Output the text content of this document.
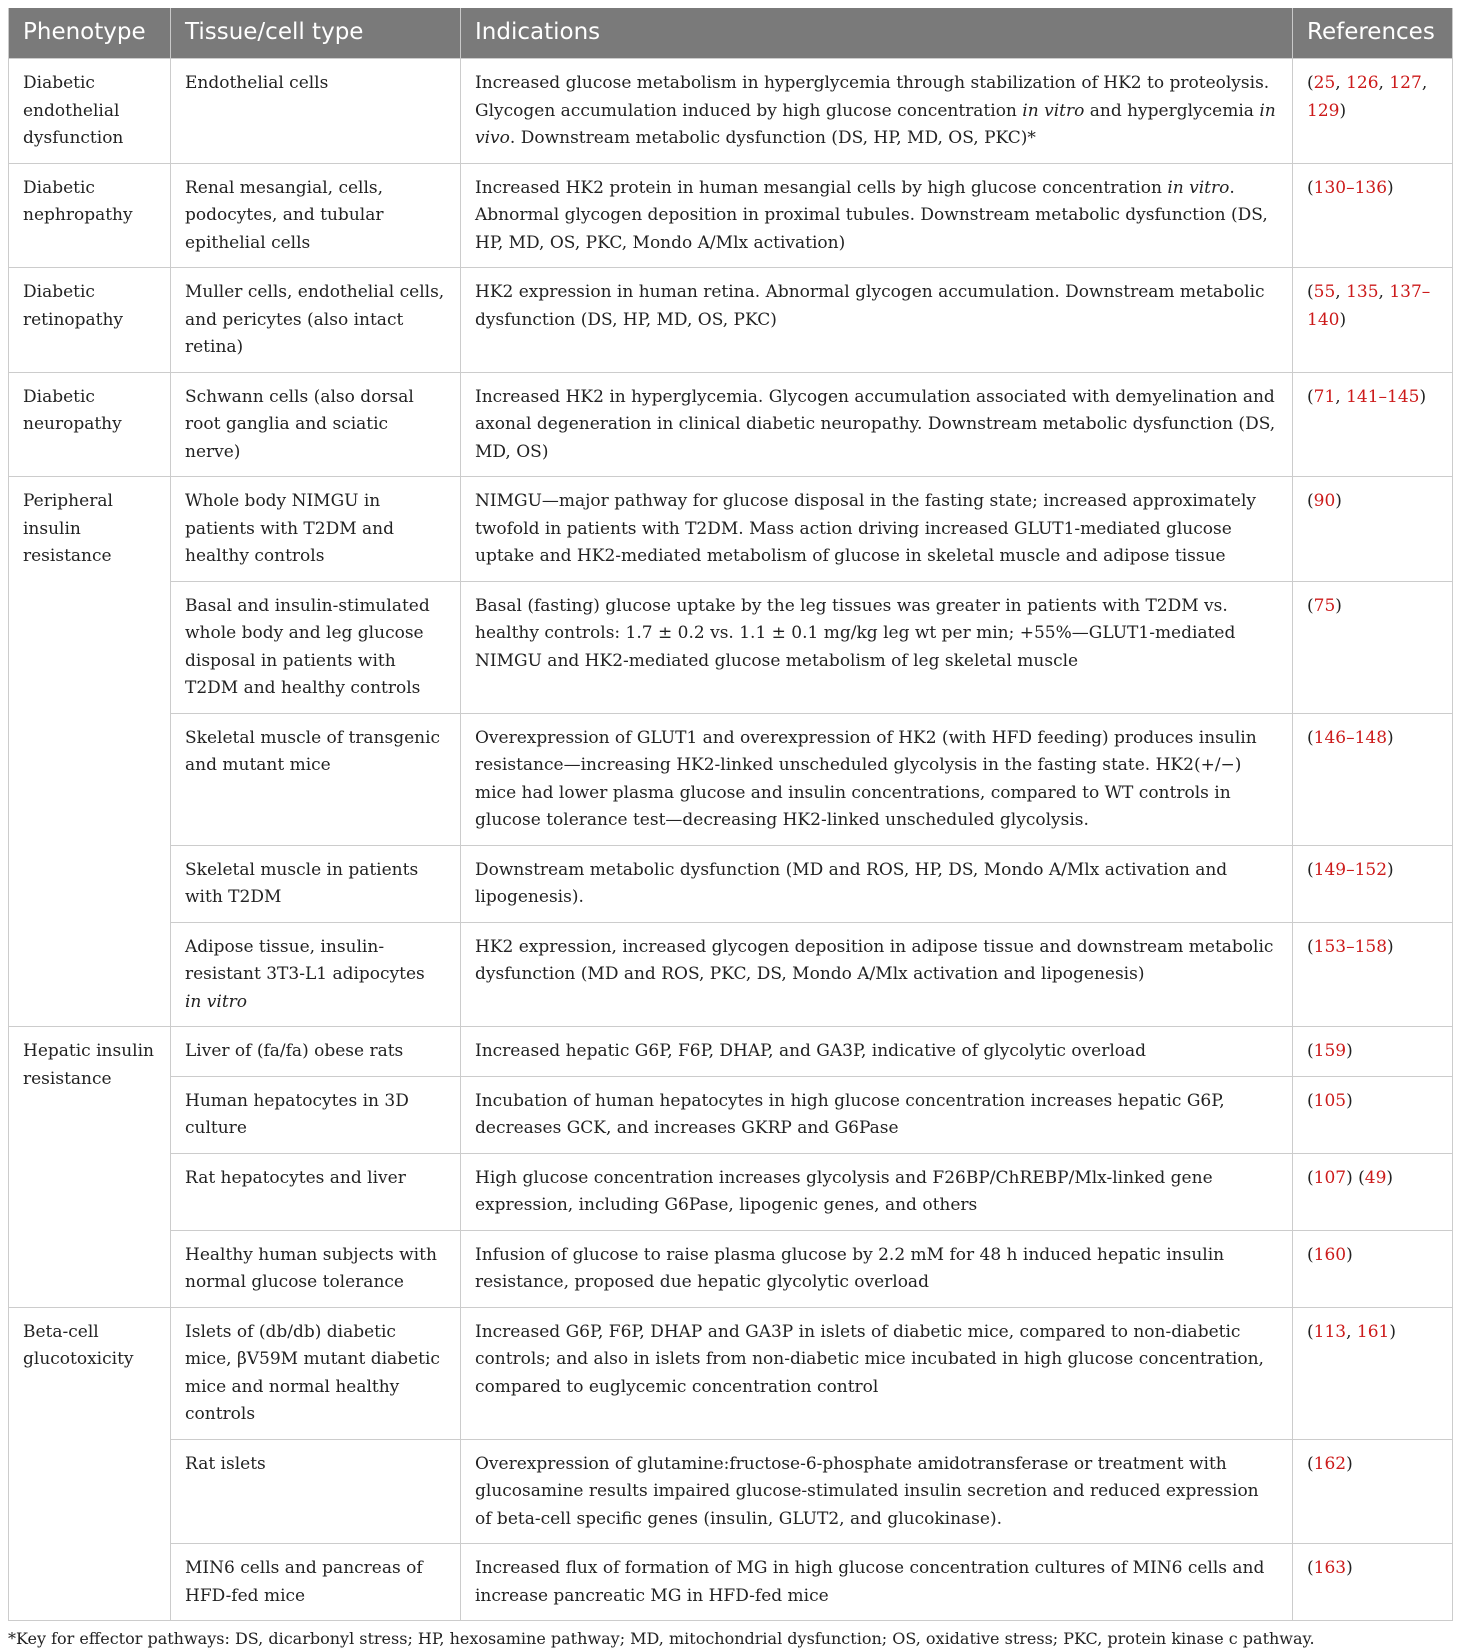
Phenotype	Tissue/cell type	Indications	References
Diabetic endothelial dysfunction	Endothelial cells	Increased glucose metabolism in hyperglycemia through stabilization of HK2 to proteolysis. Glycogen accumulation induced by high glucose concentration in vitro and hyperglycemia in vivo. Downstream metabolic dysfunction (DS, HP, MD, OS, PKC)*	(25, 126, 127, 129)
Diabetic nephropathy	Renal mesangial, cells, podocytes, and tubular epithelial cells	Increased HK2 protein in human mesangial cells by high glucose concentration in vitro. Abnormal glycogen deposition in proximal tubules. Downstream metabolic dysfunction (DS, HP, MD, OS, PKC, Mondo A/Mlx activation)	(130–136)
Diabetic retinopathy	Muller cells, endothelial cells, and pericytes (also intact retina)	HK2 expression in human retina. Abnormal glycogen accumulation. Downstream metabolic dysfunction (DS, HP, MD, OS, PKC)	(55, 135, 137–140)
Diabetic neuropathy	Schwann cells (also dorsal root ganglia and sciatic nerve)	Increased HK2 in hyperglycemia. Glycogen accumulation associated with demyelination and axonal degeneration in clinical diabetic neuropathy. Downstream metabolic dysfunction (DS, MD, OS)	(71, 141–145)
Peripheral insulin resistance	Whole body NIMGU in patients with T2DM and healthy controls	NIMGU—major pathway for glucose disposal in the fasting state; increased approximately twofold in patients with T2DM. Mass action driving increased GLUT1-mediated glucose uptake and HK2-mediated metabolism of glucose in skeletal muscle and adipose tissue	(90)
	Basal and insulin-stimulated whole body and leg glucose disposal in patients with T2DM and healthy controls	Basal (fasting) glucose uptake by the leg tissues was greater in patients with T2DM vs. healthy controls: 1.7 ± 0.2 vs. 1.1 ± 0.1 mg/kg leg wt per min; +55%—GLUT1-mediated NIMGU and HK2-mediated glucose metabolism of leg skeletal muscle	(75)
	Skeletal muscle of transgenic and mutant mice	Overexpression of GLUT1 and overexpression of HK2 (with HFD feeding) produces insulin resistance—increasing HK2-linked unscheduled glycolysis in the fasting state. HK2(+/−) mice had lower plasma glucose and insulin concentrations, compared to WT controls in glucose tolerance test—decreasing HK2-linked unscheduled glycolysis.	(146–148)
	Skeletal muscle in patients with T2DM	Downstream metabolic dysfunction (MD and ROS, HP, DS, Mondo A/Mlx activation and lipogenesis).	(149–152)
	Adipose tissue, insulin-resistant 3T3-L1 adipocytes in vitro	HK2 expression, increased glycogen deposition in adipose tissue and downstream metabolic dysfunction (MD and ROS, PKC, DS, Mondo A/Mlx activation and lipogenesis)	(153–158)
Hepatic insulin resistance	Liver of (fa/fa) obese rats	Increased hepatic G6P, F6P, DHAP, and GA3P, indicative of glycolytic overload	(159)
	Human hepatocytes in 3D culture	Incubation of human hepatocytes in high glucose concentration increases hepatic G6P, decreases GCK, and increases GKRP and G6Pase	(105)
	Rat hepatocytes and liver	High glucose concentration increases glycolysis and F26BP/ChREBP/Mlx-linked gene expression, including G6Pase, lipogenic genes, and others	(107) (49)
	Healthy human subjects with normal glucose tolerance	Infusion of glucose to raise plasma glucose by 2.2 mM for 48 h induced hepatic insulin resistance, proposed due hepatic glycolytic overload	(160)
Beta-cell glucotoxicity	Islets of (db/db) diabetic mice, βV59M mutant diabetic mice and normal healthy controls	Increased G6P, F6P, DHAP and GA3P in islets of diabetic mice, compared to non-diabetic controls; and also in islets from non-diabetic mice incubated in high glucose concentration, compared to euglycemic concentration control	(113, 161)
	Rat islets	Overexpression of glutamine:fructose-6-phosphate amidotransferase or treatment with glucosamine results impaired glucose-stimulated insulin secretion and reduced expression of beta-cell specific genes (insulin, GLUT2, and glucokinase).	(162)
	MIN6 cells and pancreas of HFD-fed mice	Increased flux of formation of MG in high glucose concentration cultures of MIN6 cells and increase pancreatic MG in HFD-fed mice	(163)
*Key for effector pathways: DS, dicarbonyl stress; HP, hexosamine pathway; MD, mitochondrial dysfunction; OS, oxidative stress; PKC, protein kinase c pathway.
